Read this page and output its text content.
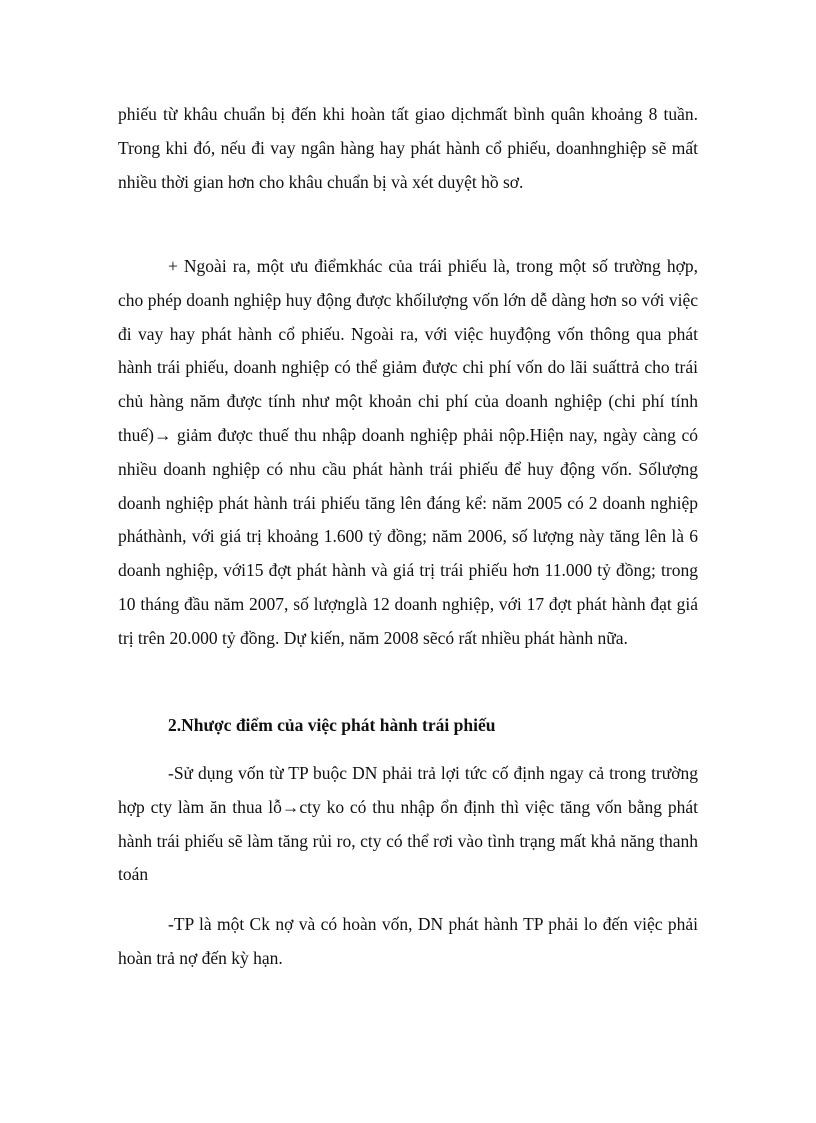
phiếu từ khâu chuẩn bị đến khi hoàn tất giao dịchmất bình quân khoảng 8 tuần. Trong khi đó, nếu đi vay ngân hàng hay phát hành cổ phiếu, doanhnghiệp sẽ mất nhiều thời gian hơn cho khâu chuẩn bị và xét duyệt hồ sơ.

+ Ngoài ra, một ưu điểmkhác của trái phiếu là, trong một số trường hợp, cho phép doanh nghiệp huy động được khốilượng vốn lớn dễ dàng hơn so với việc đi vay hay phát hành cổ phiếu. Ngoài ra, với việc huyđộng vốn thông qua phát hành trái phiếu, doanh nghiệp có thể giảm được chi phí vốn do lãi suấttrả cho trái chủ hàng năm được tính như một khoản chi phí của doanh nghiệp (chi phí tính thuế)→ giảm được thuế thu nhập doanh nghiệp phải nộp.Hiện nay, ngày càng có nhiều doanh nghiệp có nhu cầu phát hành trái phiếu để huy động vốn. Sốlượng doanh nghiệp phát hành trái phiếu tăng lên đáng kể: năm 2005 có 2 doanh nghiệp pháthành, với giá trị khoảng 1.600 tỷ đồng; năm 2006, số lượng này tăng lên là 6 doanh nghiệp, với15 đợt phát hành và giá trị trái phiếu hơn 11.000 tỷ đồng; trong 10 tháng đầu năm 2007, số lượnglà 12 doanh nghiệp, với 17 đợt phát hành đạt giá trị trên 20.000 tỷ đồng. Dự kiến, năm 2008 sẽcó rất nhiều phát hành nữa.

2.Nhược điểm của việc phát hành trái phiếu

-Sử dụng vốn từ TP buộc DN phải trả lợi tức cố định ngay cả trong trường hợp cty làm ăn thua lỗ→cty ko có thu nhập ổn định thì việc tăng vốn bằng phát hành trái phiếu sẽ làm tăng rủi ro, cty có thể rơi vào tình trạng mất khả năng thanh toán

-TP là một Ck nợ và có hoàn vốn, DN phát hành TP phải lo đến việc phải hoàn trả nợ đến kỳ hạn.
